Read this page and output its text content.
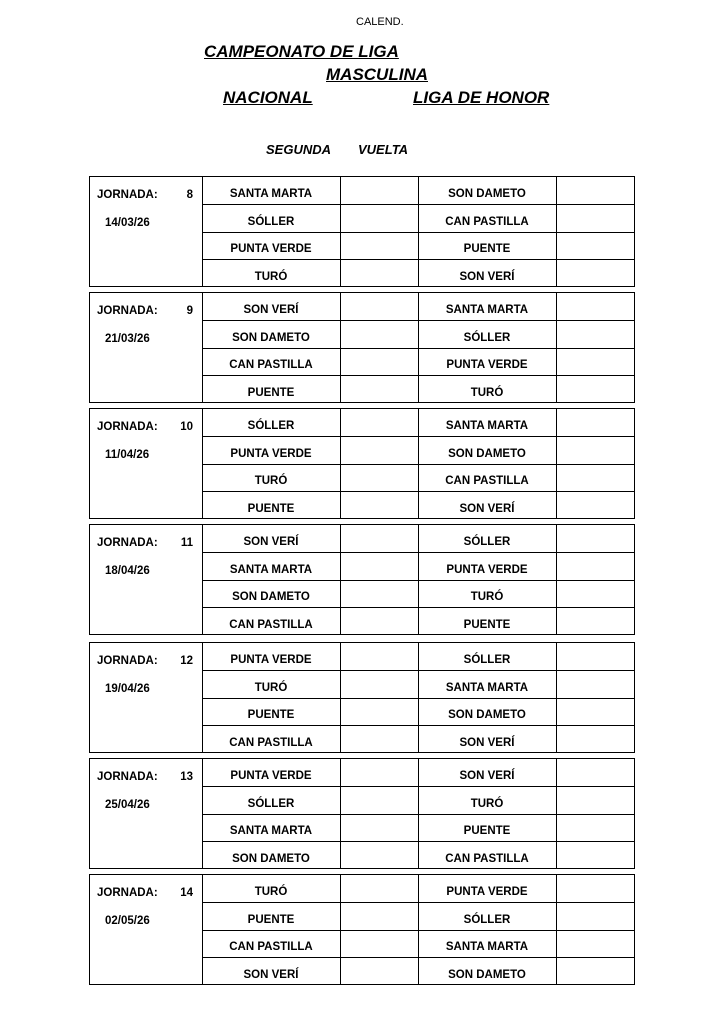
CALEND.
CAMPEONATO DE LIGA
MASCULINA
NACIONAL	LIGA DE HONOR
SEGUNDA VUELTA
JORNADA:	8
14/03/26
SANTA MARTA	SON DAMETO
SÓLLER	CAN PASTILLA
PUNTA VERDE	PUENTE
TURÓ	SON VERÍ
JORNADA:	9
21/03/26
SON VERÍ	SANTA MARTA
SON DAMETO	SÓLLER
CAN PASTILLA	PUNTA VERDE
PUENTE	TURÓ
JORNADA:	10
11/04/26
SÓLLER	SANTA MARTA
PUNTA VERDE	SON DAMETO
TURÓ	CAN PASTILLA
PUENTE	SON VERÍ
JORNADA:	11
18/04/26
SON VERÍ	SÓLLER
SANTA MARTA	PUNTA VERDE
SON DAMETO	TURÓ
CAN PASTILLA	PUENTE
JORNADA:	12
19/04/26
PUNTA VERDE	SÓLLER
TURÓ	SANTA MARTA
PUENTE	SON DAMETO
CAN PASTILLA	SON VERÍ
JORNADA:	13
25/04/26
PUNTA VERDE	SON VERÍ
SÓLLER	TURÓ
SANTA MARTA	PUENTE
SON DAMETO	CAN PASTILLA
JORNADA:	14
02/05/26
TURÓ	PUNTA VERDE
PUENTE	SÓLLER
CAN PASTILLA	SANTA MARTA
SON VERÍ	SON DAMETO
